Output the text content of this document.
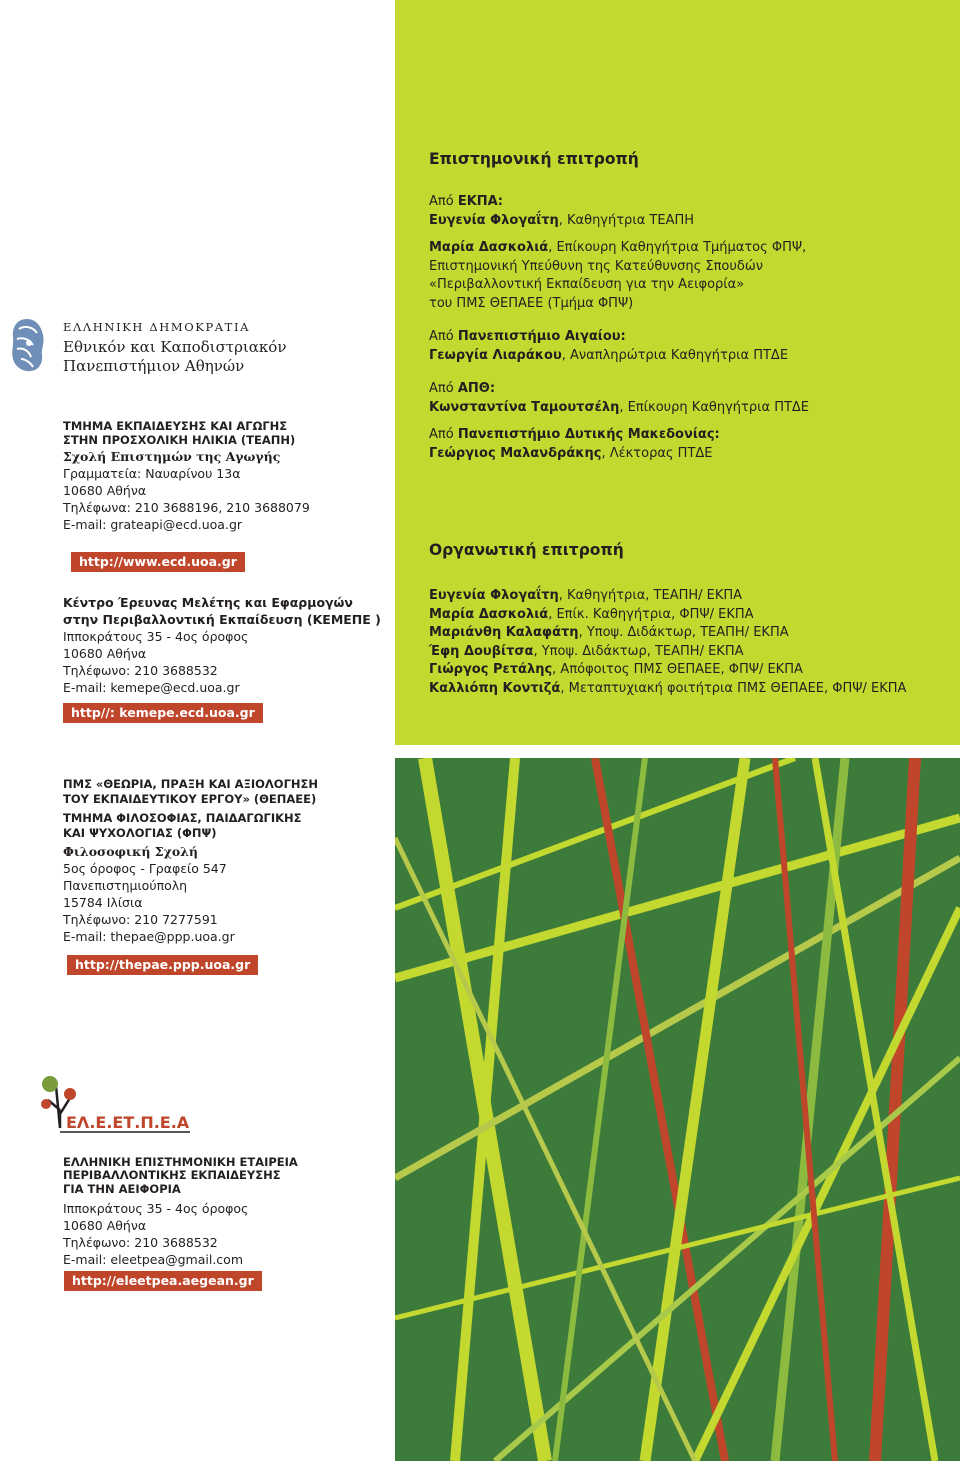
ΕΛΛΗΝΙΚΗ ΔΗΜΟΚΡΑΤΙΑ
Εθνικόν και Καποδιστριακόν
Πανεπιστήμιον Αθηνών
ΤΜΗΜΑ ΕΚΠΑΙΔΕΥΣΗΣ ΚΑΙ ΑΓΩΓΗΣ
ΣΤΗΝ ΠΡΟΣΧΟΛΙΚΗ ΗΛΙΚΙΑ (ΤΕΑΠΗ)
Σχολή Επιστημών της Αγωγής
Γραμματεία: Ναυαρίνου 13α
10680 Αθήνα
Τηλέφωνα: 210 3688196, 210 3688079
E-mail: grateapi@ecd.uoa.gr
http://www.ecd.uoa.gr
Κέντρο Έρευνας Μελέτης και Εφαρμογών
στην Περιβαλλοντική Εκπαίδευση (ΚΕΜΕΠΕ )
Ιπποκράτους 35 - 4ος όροφος
10680 Αθήνα
Τηλέφωνο: 210 3688532
E-mail: kemepe@ecd.uoa.gr
http//: kemepe.ecd.uoa.gr
ΠΜΣ «ΘΕΩΡΙΑ, ΠΡΑΞΗ ΚΑΙ ΑΞΙΟΛΟΓΗΣΗ
ΤΟΥ ΕΚΠΑΙΔΕΥΤΙΚΟΥ ΕΡΓΟΥ» (ΘΕΠΑΕΕ)
ΤΜΗΜΑ ΦΙΛΟΣΟΦΙΑΣ, ΠΑΙΔΑΓΩΓΙΚΗΣ
ΚΑΙ ΨΥΧΟΛΟΓΙΑΣ (ΦΠΨ)
Φιλοσοφική Σχολή
5ος όροφος - Γραφείο 547
Πανεπιστημιούπολη
15784 Ιλίσια
Τηλέφωνο: 210 7277591
E-mail: thepae@ppp.uoa.gr
http://thepae.ppp.uoa.gr
ΕΛ.Ε.ΕΤ.Π.Ε.Α
ΕΛΛΗΝΙΚΗ ΕΠΙΣΤΗΜΟΝΙΚΗ ΕΤΑΙΡΕΙΑ
ΠΕΡΙΒΑΛΛΟΝΤΙΚΗΣ ΕΚΠΑΙΔΕΥΣΗΣ
ΓΙΑ ΤΗΝ ΑΕΙΦΟΡΙΑ
Ιπποκράτους 35 - 4ος όροφος
10680 Αθήνα
Τηλέφωνο: 210 3688532
E-mail: eleetpea@gmail.com
http://eleetpea.aegean.gr
Επιστημονική επιτροπή
Από ΕΚΠΑ:
Ευγενία Φλογαΐτη, Καθηγήτρια ΤΕΑΠΗ
Μαρία Δασκολιά, Επίκουρη Καθηγήτρια Τμήματος ΦΠΨ,
Επιστημονική Υπεύθυνη της Κατεύθυνσης Σπουδών
«Περιβαλλοντική Εκπαίδευση για την Αειφορία»
του ΠΜΣ ΘΕΠΑΕΕ (Τμήμα ΦΠΨ)
Από Πανεπιστήμιο Αιγαίου:
Γεωργία Λιαράκου, Αναπληρώτρια Καθηγήτρια ΠΤΔΕ
Από ΑΠΘ:
Κωνσταντίνα Ταμουτσέλη, Επίκουρη Καθηγήτρια ΠΤΔΕ
Από Πανεπιστήμιο Δυτικής Μακεδονίας:
Γεώργιος Μαλανδράκης, Λέκτορας ΠΤΔΕ
Οργανωτική επιτροπή
Ευγενία Φλογαΐτη, Καθηγήτρια, ΤΕΑΠΗ/ ΕΚΠΑ
Μαρία Δασκολιά, Επίκ. Καθηγήτρια, ΦΠΨ/ ΕΚΠΑ
Μαριάνθη Καλαφάτη, Υποψ. Διδάκτωρ, ΤΕΑΠΗ/ ΕΚΠΑ
Έφη Δουβίτσα, Υποψ. Διδάκτωρ, ΤΕΑΠΗ/ ΕΚΠΑ
Γιώργος Ρετάλης, Απόφοιτος ΠΜΣ ΘΕΠΑΕΕ, ΦΠΨ/ ΕΚΠΑ
Καλλιόπη Κοντιζά, Μεταπτυχιακή φοιτήτρια ΠΜΣ ΘΕΠΑΕΕ, ΦΠΨ/ ΕΚΠΑ
